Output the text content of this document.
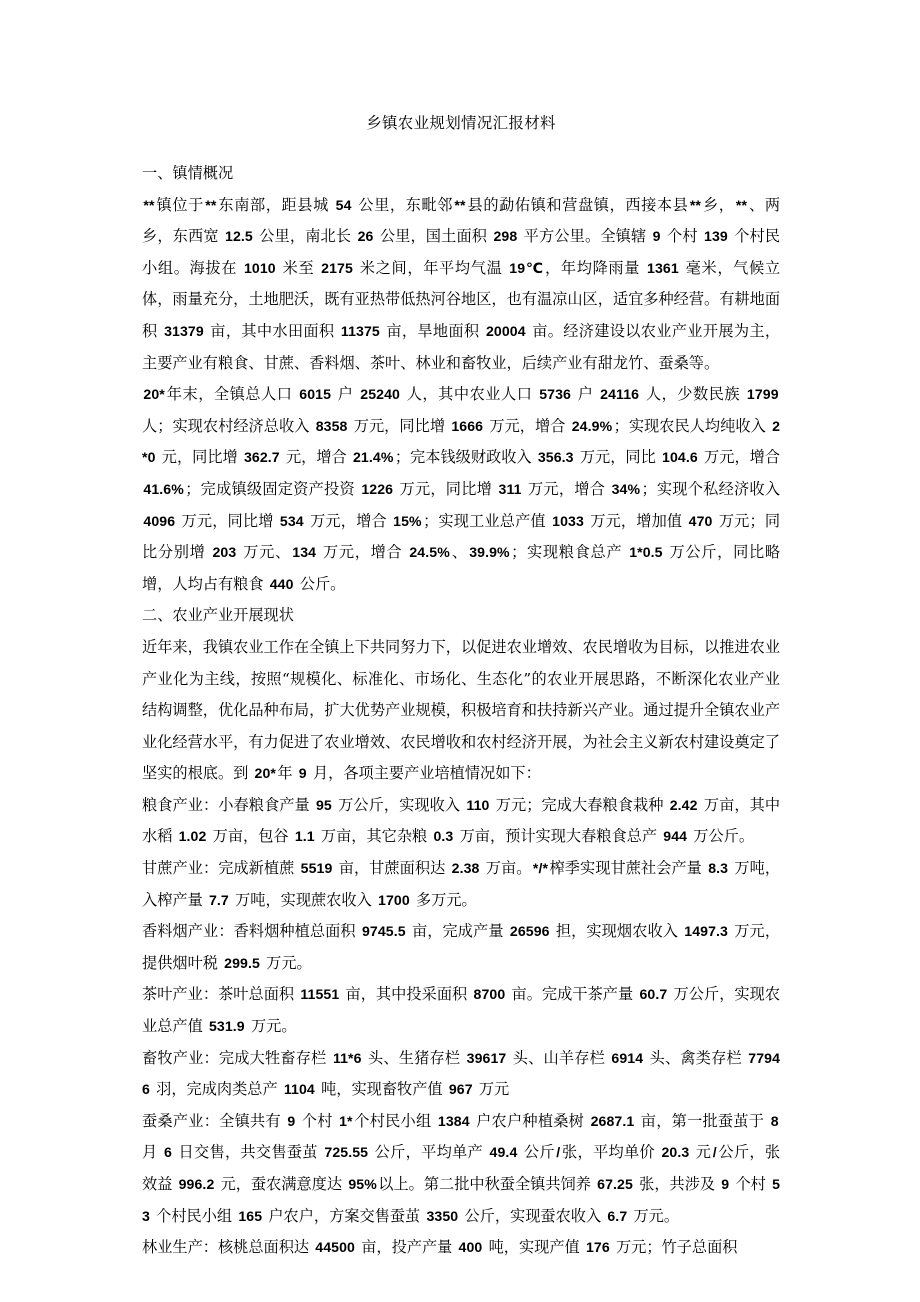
乡镇农业规划情况汇报材料

一、镇情概况

**镇位于**东南部，距县城 54 公里，东毗邻**县的勐佑镇和营盘镇，西接本县**乡，**、两乡，东西宽 12.5 公里，南北长 26 公里，国土面积 298 平方公里。全镇辖 9 个村 139 个村民小组。海拔在 1010 米至 2175 米之间，年平均气温 19℃，年均降雨量 1361 毫米，气候立体，雨量充分，土地肥沃，既有亚热带低热河谷地区，也有温凉山区，适宜多种经营。有耕地面积 31379 亩，其中水田面积 11375 亩，旱地面积 20004 亩。经济建设以农业产业开展为主，主要产业有粮食、甘蔗、香料烟、茶叶、林业和畜牧业，后续产业有甜龙竹、蚕桑等。

20*年末，全镇总人口 6015 户 25240 人，其中农业人口 5736 户 24116 人，少数民族 1799 人；实现农村经济总收入 8358 万元，同比增 1666 万元，增合 24.9%；实现农民人均纯收入 2*0 元，同比增 362.7 元，增合 21.4%；完本钱级财政收入 356.3 万元，同比 104.6 万元，增合 41.6%；完成镇级固定资产投资 1226 万元，同比增 311 万元，增合 34%；实现个私经济收入 4096 万元，同比增 534 万元，增合 15%；实现工业总产值 1033 万元，增加值 470 万元；同比分别增 203 万元、134 万元，增合 24.5%、39.9%；实现粮食总产 1*0.5 万公斤，同比略增，人均占有粮食 440 公斤。

二、农业产业开展现状

近年来，我镇农业工作在全镇上下共同努力下，以促进农业增效、农民增收为目标，以推进农业产业化为主线，按照“规模化、标准化、市场化、生态化”的农业开展思路，不断深化农业产业结构调整，优化品种布局，扩大优势产业规模，积极培育和扶持新兴产业。通过提升全镇农业产业化经营水平，有力促进了农业增效、农民增收和农村经济开展，为社会主义新农村建设奠定了坚实的根底。到 20*年 9 月，各项主要产业培植情况如下：

粮食产业：小春粮食产量 95 万公斤，实现收入 110 万元；完成大春粮食栽种 2.42 万亩，其中水稻 1.02 万亩，包谷 1.1 万亩，其它杂粮 0.3 万亩，预计实现大春粮食总产 944 万公斤。

甘蔗产业：完成新植蔗 5519 亩，甘蔗面积达 2.38 万亩。*/*榨季实现甘蔗社会产量 8.3 万吨，入榨产量 7.7 万吨，实现蔗农收入 1700 多万元。

香料烟产业：香料烟种植总面积 9745.5 亩，完成产量 26596 担，实现烟农收入 1497.3 万元，提供烟叶税 299.5 万元。

茶叶产业：茶叶总面积 11551 亩，其中投采面积 8700 亩。完成干茶产量 60.7 万公斤，实现农业总产值 531.9 万元。

畜牧产业：完成大牲畜存栏 11*6 头、生猪存栏 39617 头、山羊存栏 6914 头、禽类存栏 77946 羽，完成肉类总产 1104 吨，实现畜牧产值 967 万元

蚕桑产业：全镇共有 9 个村 1*个村民小组 1384 户农户种植桑树 2687.1 亩，第一批蚕茧于 8 月 6 日交售，共交售蚕茧 725.55 公斤，平均单产 49.4 公斤/张，平均单价 20.3 元/公斤，张效益 996.2 元，蚕农满意度达 95%以上。第二批中秋蚕全镇共饲养 67.25 张，共涉及 9 个村 53 个村民小组 165 户农户，方案交售蚕茧 3350 公斤，实现蚕农收入 6.7 万元。

林业生产：核桃总面积达 44500 亩，投产产量 400 吨，实现产值 176 万元；竹子总面积
